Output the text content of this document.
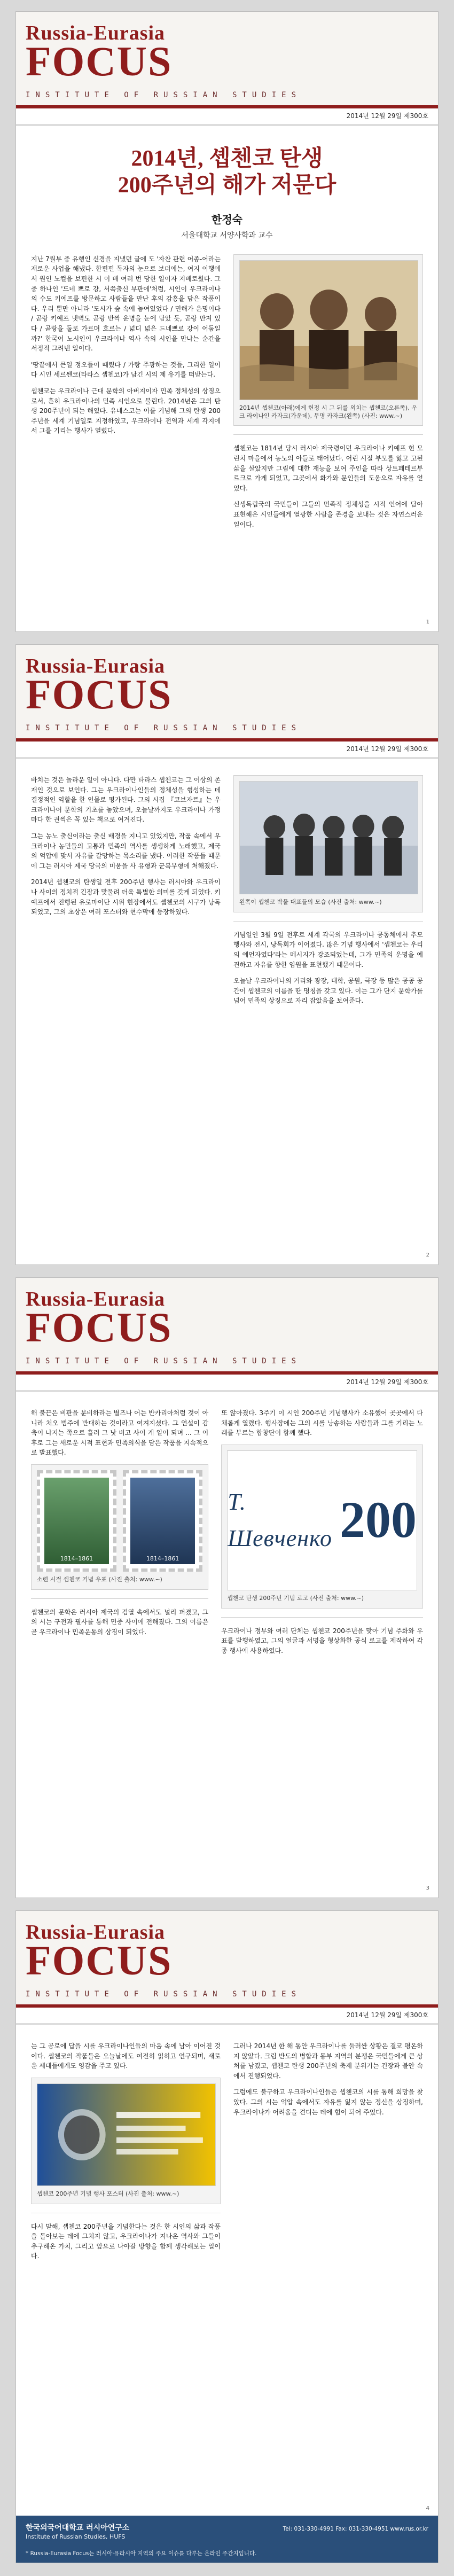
Russia-Eurasia
FOCUS
INSTITUTE OF RUSSIAN STUDIES
2014년 12월 29일 제300호
2014년, 솁첸코 탄생
200주년의 해가 저문다
한정숙
서울대학교 서양사학과 교수

지난 7월부 중 유행인 신경을 지냈던 글에 도 '자찬 관련 어종-어라는 재로운 사업을 해냈다. 한편편 독자의 눈으로 보더에는, 여지 이행에서 원인 노컬을 보편한 시 이 배 여러 번 당한 일이자 지배로웠다. 그중 하나인 '드네 쁘로 강, 서쪽출신 부판에'처럼, 시인이 우크라이나의 수도 키예프를 방문하고 사람들을 만난 후의 감흥을 담은 작품이다. 우리 뿐만 아니라 '도시가 숲 속에 놓여있었다 / 면해가 운명이다 / 곧랑 키예프 냇벽도 곧랑 반짝 운명을 눈에 담았 듯, 곧랑 만져 있다 / 곧랑을 둘로 가르며 흐르는 / 넓디 넓은 드네쁘로 강이 어둠일까?' 한국어 노시인이 우크라이나 역사 속의 시인을 만나는 순간을 서정적 그려낸 일이다.

'땅끝에서 큰일 정오들이 때렸다 / 가랑 주광하는 것들, 그리한 일이다 시인 세르쎈코(타라스 솁첸코)가 남긴 시의 제 유기를 떠받는다.

솁첸코는 우크라이나 근대 문학의 아버지이자 민족 정체성의 상징으로서, 흔히 우크라이나의 민족 시인으로 불린다. 2014년은 그의 탄생 200주년이 되는 해였다. 유네스코는 이를 기념해 그의 탄생 200주년을 세계 기념일로 지정하였고, 우크라이나 전역과 세계 각지에서 그를 기리는 행사가 열렸다.

2014년 솁첸코(아래)에게 헌정 시 그 뒤를 외치는 솁첸코(오른쪽), 우크 라이나인 카자크(가운데), 무명 카자크(왼쪽) (사진: www.~)

솁첸코는 1814년 당시 러시아 제국령이던 우크라이나 키예프 현 모린치 마을에서 농노의 아들로 태어났다. 어린 시절 부모를 잃고 고된 삶을 살았지만 그림에 대한 재능을 보여 주인을 따라 상트페테르부르크로 가게 되었고, 그곳에서 화가와 문인들의 도움으로 자유를 얻었다.

신생독립국의 국민들이 그들의 민족적 정체성을 시적 언어에 담아 표현해온 시인들에게 열광한 사람을 존경을 보내는 것은 자연스러운 일이다.

1
Russia-Eurasia
FOCUS
INSTITUTE OF RUSSIAN STUDIES
2014년 12월 29일 제300호

바치는 것은 놀라운 일이 아니다. 다만 타라스 솁첸코는 그 이상의 존재인 것으로 보인다. 그는 우크라이나인들의 정체성을 형성하는 데 결정적인 역할을 한 인물로 평가된다. 그의 시집 『코브자르』는 우크라이나어 문학의 기초를 놓았으며, 오늘날까지도 우크라이나 가정마다 한 권씩은 꼭 있는 책으로 여겨진다.

그는 농노 출신이라는 출신 배경을 지니고 있었지만, 작품 속에서 우크라이나 농민들의 고통과 민족의 역사를 생생하게 노래했고, 제국의 억압에 맞서 자유를 갈망하는 목소리를 냈다. 이러한 작품들 때문에 그는 러시아 제국 당국의 미움을 사 유형과 군복무형에 처해졌다.

2014년 솁첸코의 탄생일 전후 200주년 행사는 러시아와 우크라이나 사이의 정치적 긴장과 맞물려 더욱 특별한 의미를 갖게 되었다. 키예프에서 진행된 유로마이단 시위 현장에서도 솁첸코의 시구가 낭독되었고, 그의 초상은 여러 포스터와 현수막에 등장하였다.

왼쪽이 솁첸코 박물 대표들의 모습 (사진 출처: www.~)

기념일인 3월 9일 전후로 세계 각국의 우크라이나 공동체에서 추모 행사와 전시, 낭독회가 이어졌다. 많은 기념 행사에서 '솁첸코는 우리의 예언자였다'라는 메시지가 강조되었는데, 그가 민족의 운명을 예견하고 자유를 향한 염원을 표현했기 때문이다.

오늘날 우크라이나의 거리와 광장, 대학, 공원, 극장 등 많은 공공 공간이 솁첸코의 이름을 딴 명칭을 갖고 있다. 이는 그가 단지 문학가를 넘어 민족의 상징으로 자리 잡았음을 보여준다.

2
Russia-Eurasia
FOCUS
INSTITUTE OF RUSSIAN STUDIES
2014년 12월 29일 제300호

해 불끈은 비판을 분비하라는 별즈나 어는 반카리아처럼 것이 아니라 처오 범주에 반대하는 것이라고 여겨지셨다. 그 연설이 감축이 나지는 쪽으로 흘러 그 낫 비고 사이 게 일이 되며 ... 그 이후로 그는 새로운 시적 표현과 민족의식을 담은 작품을 지속적으로 발표했다.

1814–1861	1814–1861
소련 시절 솁첸코 기념 우표 (사진 출처: www.~)

솁첸코의 문학은 러시아 제국의 검열 속에서도 널리 퍼졌고, 그의 시는 구전과 필사를 통해 민중 사이에 전해졌다. 그의 이름은 곧 우크라이나 민족운동의 상징이 되었다.

또 않아졌다. 3주기 이 시인 200주년 기념행사가 소유했어 곳곳에서 다채롭게 열렸다. 행사장에는 그의 시를 낭송하는 사람들과 그를 기리는 노래를 부르는 합창단이 함께 했다.

Т. Шевченко 200
솁첸코 탄생 200주년 기념 로고 (사진 출처: www.~)

우크라이나 정부와 여러 단체는 솁첸코 200주년을 맞아 기념 주화와 우표를 발행하였고, 그의 얼굴과 서명을 형상화한 공식 로고를 제작하여 각종 행사에 사용하였다.

3
Russia-Eurasia
FOCUS
INSTITUTE OF RUSSIAN STUDIES
2014년 12월 29일 제300호

는 그 공로에 답을 시를 우크라이나인들의 마음 속에 남아 이어진 것이다. 솁첸코의 작품들은 오늘날에도 여전히 읽히고 연구되며, 새로운 세대들에게도 영감을 주고 있다.

솁첸코 200주년 기념 행사 포스터 (사진 출처: www.~)

다시 말해, 솁첸코 200주년을 기념한다는 것은 한 시인의 삶과 작품을 돌아보는 데에 그치지 않고, 우크라이나가 지나온 역사와 그들이 추구해온 가치, 그리고 앞으로 나아갈 방향을 함께 생각해보는 일이다.

그러나 2014년 한 해 동안 우크라이나를 둘러싼 상황은 결코 평온하지 않았다. 크림 반도의 병합과 동부 지역의 분쟁은 국민들에게 큰 상처를 남겼고, 솁첸코 탄생 200주년의 축제 분위기는 긴장과 불안 속에서 진행되었다.

그럼에도 불구하고 우크라이나인들은 솁첸코의 시를 통해 희망을 찾았다. 그의 시는 억압 속에서도 자유를 잃지 않는 정신을 상징하며, 우크라이나가 어려움을 견디는 데에 힘이 되어 주었다.

한국외국어대학교 러시아연구소
Institute of Russian Studies, HUFS
Tel: 031-330-4991 Fax: 031-330-4951 www.rus.or.kr
* Russia-Eurasia Focus는 러시아·유라시아 지역의 주요 이슈를 다루는 온라인 주간지입니다.
4
